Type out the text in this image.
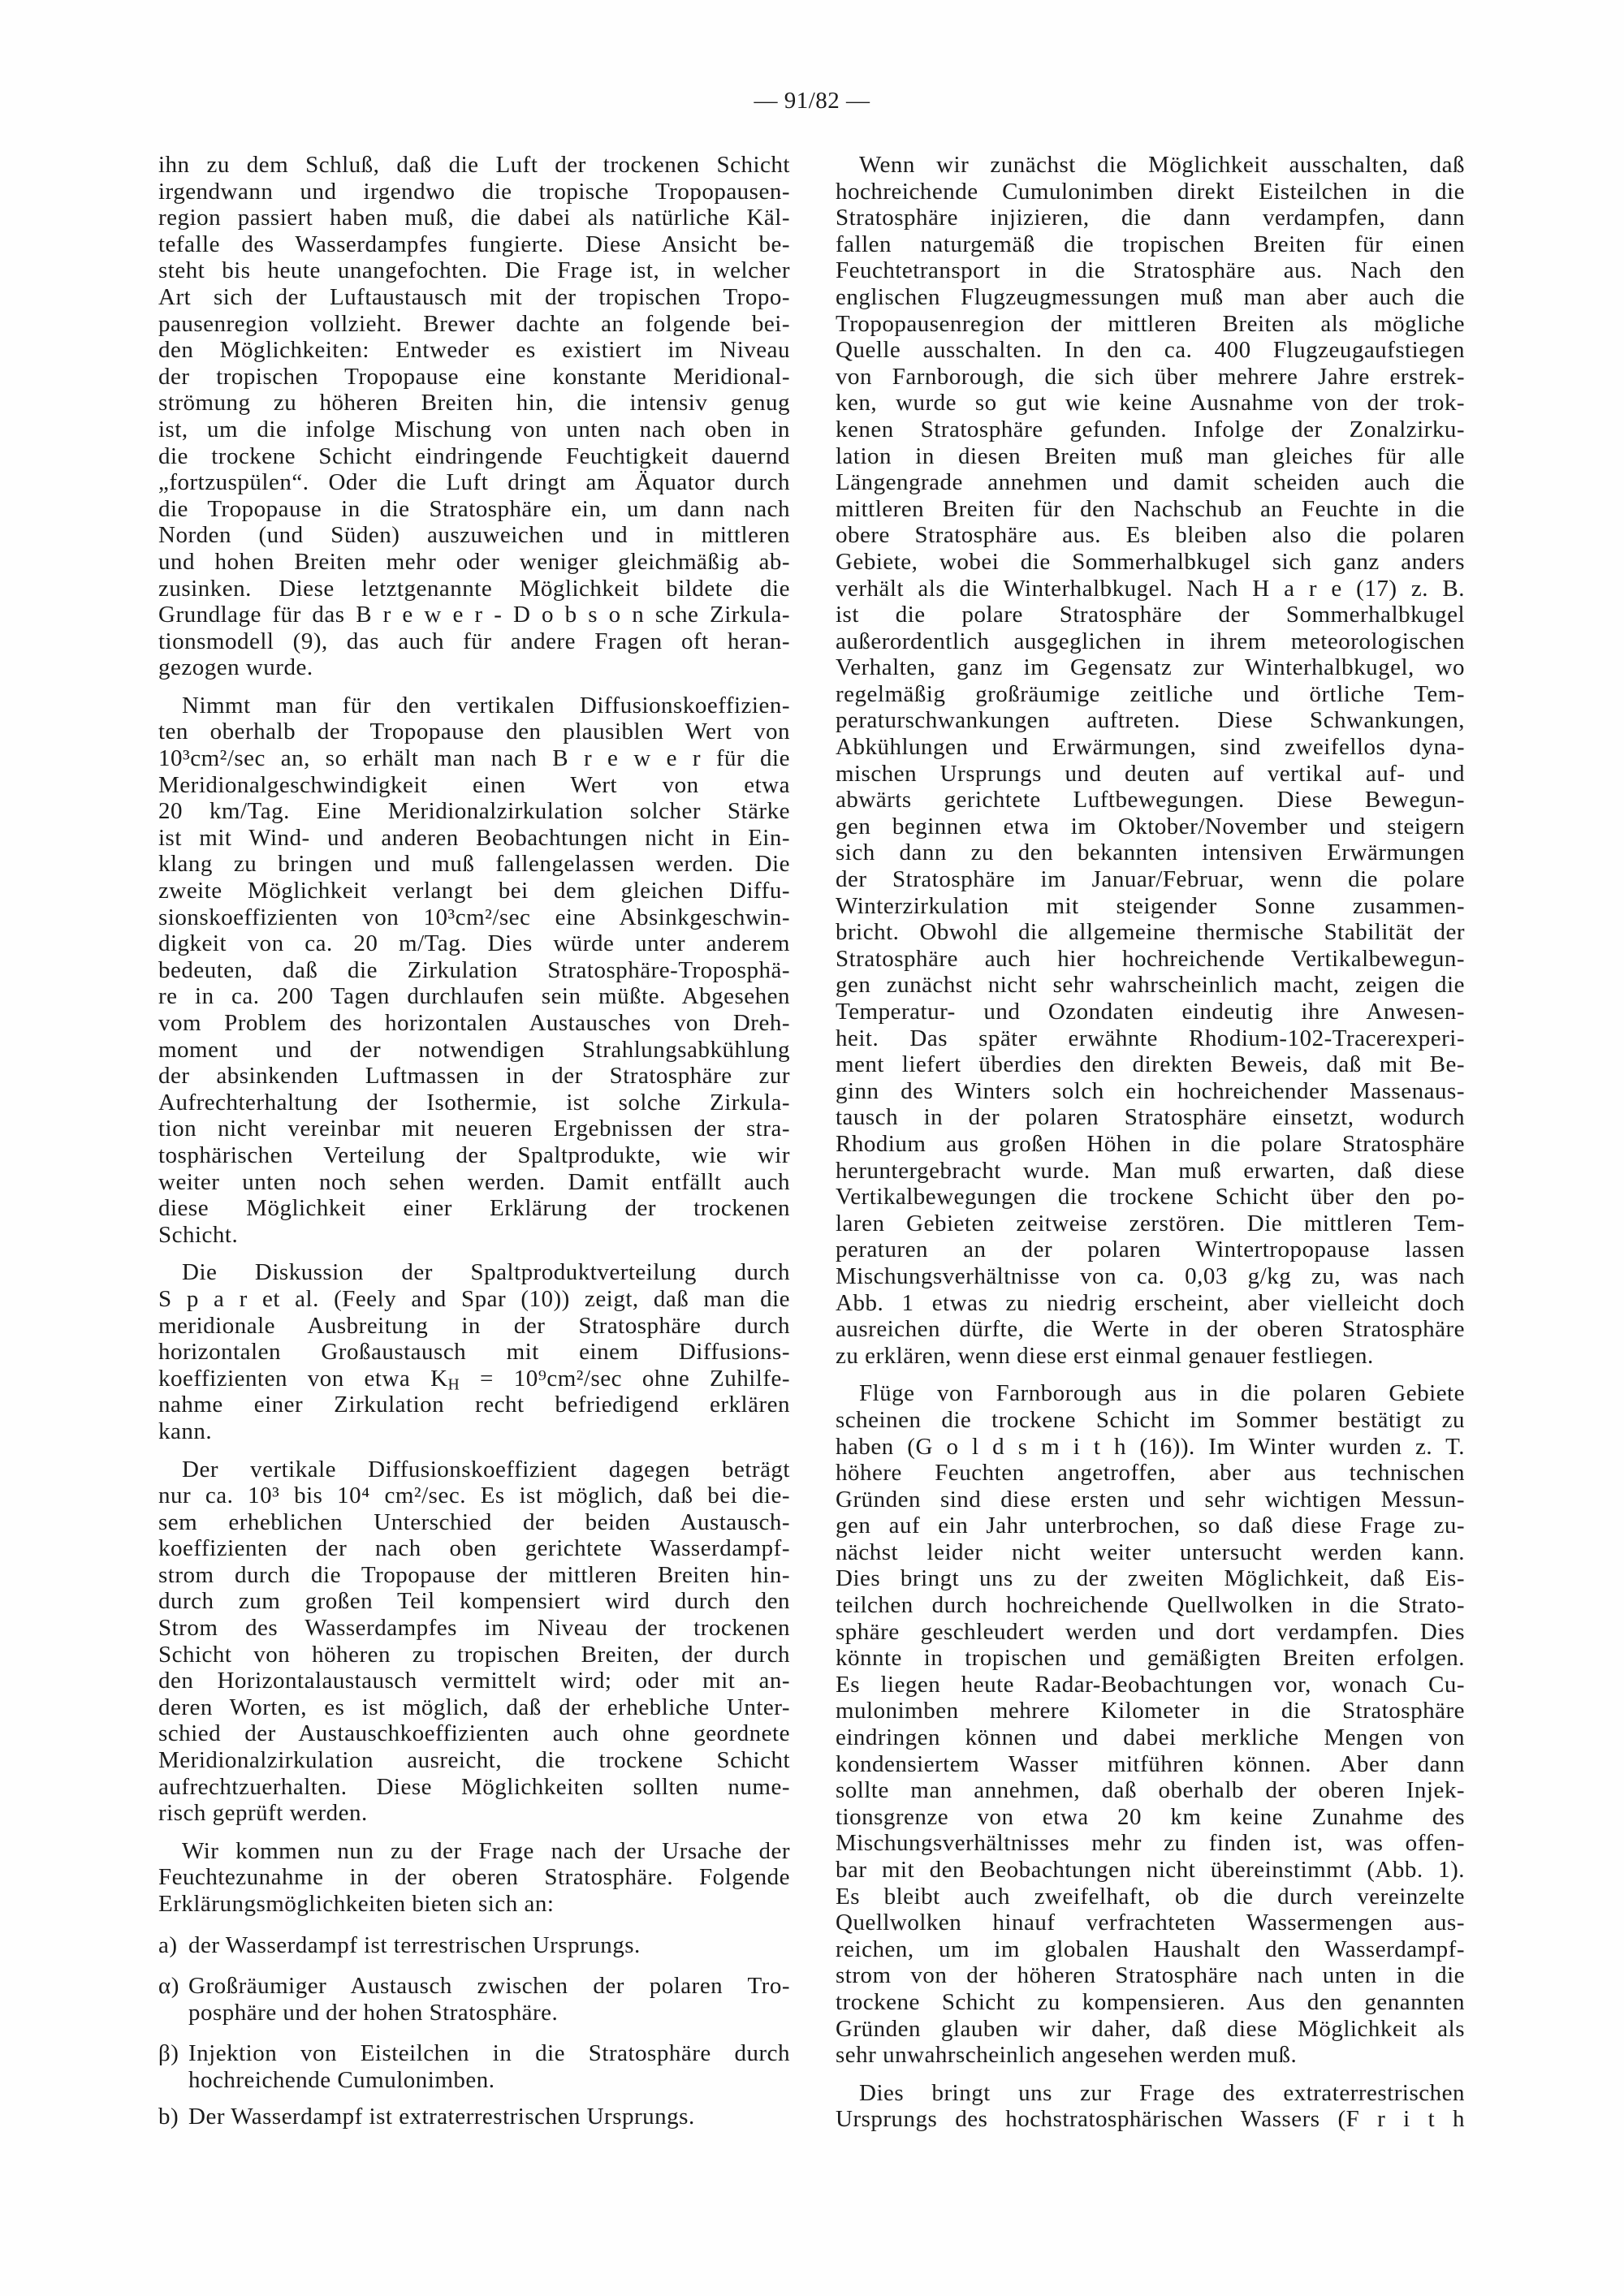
— 91/82 —

ihn zu dem Schluß, daß die Luft der trockenen Schicht
irgendwann und irgendwo die tropische Tropopausen-
region passiert haben muß, die dabei als natürliche Käl-
tefalle des Wasserdampfes fungierte. Diese Ansicht be-
steht bis heute unangefochten. Die Frage ist, in welcher
Art sich der Luftaustausch mit der tropischen Tropo-
pausenregion vollzieht. Brewer dachte an folgende bei-
den Möglichkeiten: Entweder es existiert im Niveau
der tropischen Tropopause eine konstante Meridional-
strömung zu höheren Breiten hin, die intensiv genug
ist, um die infolge Mischung von unten nach oben in
die trockene Schicht eindringende Feuchtigkeit dauernd
„fortzuspülen“. Oder die Luft dringt am Äquator durch
die Tropopause in die Stratosphäre ein, um dann nach
Norden (und Süden) auszuweichen und in mittleren
und hohen Breiten mehr oder weniger gleichmäßig ab-
zusinken. Diese letztgenannte Möglichkeit bildete die
Grundlage für das B r e w e r - D o b s o n sche Zirkula-
tionsmodell (9), das auch für andere Fragen oft heran-
gezogen wurde.

Nimmt man für den vertikalen Diffusionskoeffizien-
ten oberhalb der Tropopause den plausiblen Wert von
10³cm²/sec an, so erhält man nach B r e w e r für die
Meridionalgeschwindigkeit einen Wert von etwa
20 km/Tag. Eine Meridionalzirkulation solcher Stärke
ist mit Wind- und anderen Beobachtungen nicht in Ein-
klang zu bringen und muß fallengelassen werden. Die
zweite Möglichkeit verlangt bei dem gleichen Diffu-
sionskoeffizienten von 10³cm²/sec eine Absinkgeschwin-
digkeit von ca. 20 m/Tag. Dies würde unter anderem
bedeuten, daß die Zirkulation Stratosphäre-Troposphä-
re in ca. 200 Tagen durchlaufen sein müßte. Abgesehen
vom Problem des horizontalen Austausches von Dreh-
moment und der notwendigen Strahlungsabkühlung
der absinkenden Luftmassen in der Stratosphäre zur
Aufrechterhaltung der Isothermie, ist solche Zirkula-
tion nicht vereinbar mit neueren Ergebnissen der stra-
tosphärischen Verteilung der Spaltprodukte, wie wir
weiter unten noch sehen werden. Damit entfällt auch
diese Möglichkeit einer Erklärung der trockenen
Schicht.

Die Diskussion der Spaltproduktverteilung durch
S p a r et al. (Feely and Spar (10)) zeigt, daß man die
meridionale Ausbreitung in der Stratosphäre durch
horizontalen Großaustausch mit einem Diffusions-
koeffizienten von etwa $K_H = 10^9cm^2/\sec$ ohne Zuhilfe-
nahme einer Zirkulation recht befriedigend erklären
kann.

Der vertikale Diffusionskoeffizient dagegen beträgt
nur ca. 10³ bis 10⁴ cm²/sec. Es ist möglich, daß bei die-
sem erheblichen Unterschied der beiden Austausch-
koeffizienten der nach oben gerichtete Wasserdampf-
strom durch die Tropopause der mittleren Breiten hin-
durch zum großen Teil kompensiert wird durch den
Strom des Wasserdampfes im Niveau der trockenen
Schicht von höheren zu tropischen Breiten, der durch
den Horizontalaustausch vermittelt wird; oder mit an-
deren Worten, es ist möglich, daß der erhebliche Unter-
schied der Austauschkoeffizienten auch ohne geordnete
Meridionalzirkulation ausreicht, die trockene Schicht
aufrechtzuerhalten. Diese Möglichkeiten sollten nume-
risch geprüft werden.

Wir kommen nun zu der Frage nach der Ursache der
Feuchtezunahme in der oberen Stratosphäre. Folgende
Erklärungsmöglichkeiten bieten sich an:

a) der Wasserdampf ist terrestrischen Ursprungs.
α) Großräumiger Austausch zwischen der polaren Tro-
posphäre und der hohen Stratosphäre.
β) Injektion von Eisteilchen in die Stratosphäre durch
hochreichende Cumulonimben.
b) Der Wasserdampf ist extraterrestrischen Ursprungs.

Wenn wir zunächst die Möglichkeit ausschalten, daß
hochreichende Cumulonimben direkt Eisteilchen in die
Stratosphäre injizieren, die dann verdampfen, dann
fallen naturgemäß die tropischen Breiten für einen
Feuchtetransport in die Stratosphäre aus. Nach den
englischen Flugzeugmessungen muß man aber auch die
Tropopausenregion der mittleren Breiten als mögliche
Quelle ausschalten. In den ca. 400 Flugzeugaufstiegen
von Farnborough, die sich über mehrere Jahre erstrek-
ken, wurde so gut wie keine Ausnahme von der trok-
kenen Stratosphäre gefunden. Infolge der Zonalzirku-
lation in diesen Breiten muß man gleiches für alle
Längengrade annehmen und damit scheiden auch die
mittleren Breiten für den Nachschub an Feuchte in die
obere Stratosphäre aus. Es bleiben also die polaren
Gebiete, wobei die Sommerhalbkugel sich ganz anders
verhält als die Winterhalbkugel. Nach H a r e (17) z. B.
ist die polare Stratosphäre der Sommerhalbkugel
außerordentlich ausgeglichen in ihrem meteorologischen
Verhalten, ganz im Gegensatz zur Winterhalbkugel, wo
regelmäßig großräumige zeitliche und örtliche Tem-
peraturschwankungen auftreten. Diese Schwankungen,
Abkühlungen und Erwärmungen, sind zweifellos dyna-
mischen Ursprungs und deuten auf vertikal auf- und
abwärts gerichtete Luftbewegungen. Diese Bewegun-
gen beginnen etwa im Oktober/November und steigern
sich dann zu den bekannten intensiven Erwärmungen
der Stratosphäre im Januar/Februar, wenn die polare
Winterzirkulation mit steigender Sonne zusammen-
bricht. Obwohl die allgemeine thermische Stabilität der
Stratosphäre auch hier hochreichende Vertikalbewegun-
gen zunächst nicht sehr wahrscheinlich macht, zeigen die
Temperatur- und Ozondaten eindeutig ihre Anwesen-
heit. Das später erwähnte Rhodium-102-Tracerexperi-
ment liefert überdies den direkten Beweis, daß mit Be-
ginn des Winters solch ein hochreichender Massenaus-
tausch in der polaren Stratosphäre einsetzt, wodurch
Rhodium aus großen Höhen in die polare Stratosphäre
heruntergebracht wurde. Man muß erwarten, daß diese
Vertikalbewegungen die trockene Schicht über den po-
laren Gebieten zeitweise zerstören. Die mittleren Tem-
peraturen an der polaren Wintertropopause lassen
Mischungsverhältnisse von ca. 0,03 g/kg zu, was nach
Abb. 1 etwas zu niedrig erscheint, aber vielleicht doch
ausreichen dürfte, die Werte in der oberen Stratosphäre
zu erklären, wenn diese erst einmal genauer festliegen.

Flüge von Farnborough aus in die polaren Gebiete
scheinen die trockene Schicht im Sommer bestätigt zu
haben (G o l d s m i t h (16)). Im Winter wurden z. T.
höhere Feuchten angetroffen, aber aus technischen
Gründen sind diese ersten und sehr wichtigen Messun-
gen auf ein Jahr unterbrochen, so daß diese Frage zu-
nächst leider nicht weiter untersucht werden kann.
Dies bringt uns zu der zweiten Möglichkeit, daß Eis-
teilchen durch hochreichende Quellwolken in die Strato-
sphäre geschleudert werden und dort verdampfen. Dies
könnte in tropischen und gemäßigten Breiten erfolgen.
Es liegen heute Radar-Beobachtungen vor, wonach Cu-
mulonimben mehrere Kilometer in die Stratosphäre
eindringen können und dabei merkliche Mengen von
kondensiertem Wasser mitführen können. Aber dann
sollte man annehmen, daß oberhalb der oberen Injek-
tionsgrenze von etwa 20 km keine Zunahme des
Mischungsverhältnisses mehr zu finden ist, was offen-
bar mit den Beobachtungen nicht übereinstimmt (Abb. 1).
Es bleibt auch zweifelhaft, ob die durch vereinzelte
Quellwolken hinauf verfrachteten Wassermengen aus-
reichen, um im globalen Haushalt den Wasserdampf-
strom von der höheren Stratosphäre nach unten in die
trockene Schicht zu kompensieren. Aus den genannten
Gründen glauben wir daher, daß diese Möglichkeit als
sehr unwahrscheinlich angesehen werden muß.

Dies bringt uns zur Frage des extraterrestrischen
Ursprungs des hochstratosphärischen Wassers (F r i t h
